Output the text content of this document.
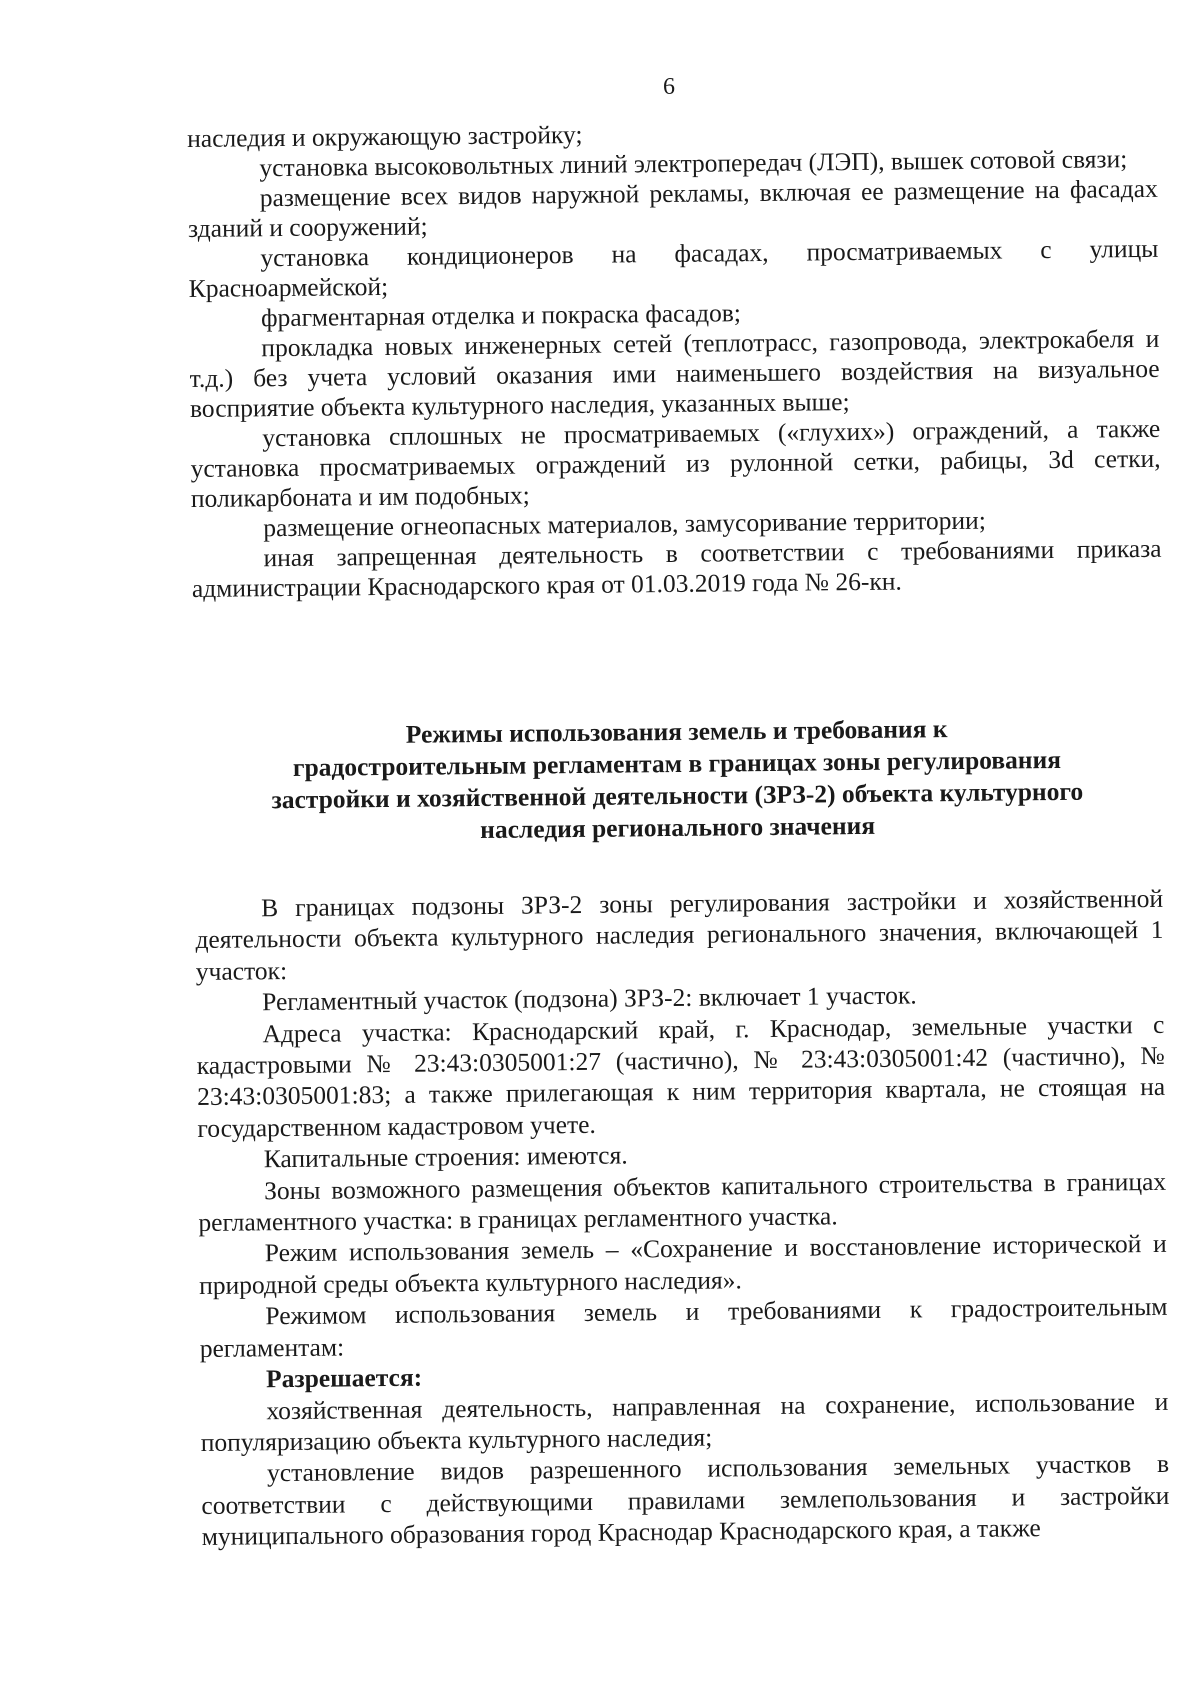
6

наследия и окружающую застройку;

установка высоковольтных линий электропередач (ЛЭП), вышек сотовой связи;

размещение всех видов наружной рекламы, включая ее размещение на фасадах зданий и сооружений;

установка кондиционеров на фасадах, просматриваемых с улицы Красноармейской;

фрагментарная отделка и покраска фасадов;

прокладка новых инженерных сетей (теплотрасс, газопровода, электрокабеля и т.д.) без учета условий оказания ими наименьшего воздействия на визуальное восприятие объекта культурного наследия, указанных выше;

установка сплошных не просматриваемых («глухих») ограждений, а также установка просматриваемых ограждений из рулонной сетки, рабицы, 3d сетки, поликарбоната и им подобных;

размещение огнеопасных материалов, замусоривание территории;

иная запрещенная деятельность в соответствии с требованиями приказа администрации Краснодарского края от 01.03.2019 года № 26-кн.

Режимы использования земель и требования к
градостроительным регламентам в границах зоны регулирования
застройки и хозяйственной деятельности (ЗРЗ-2) объекта культурного
наследия регионального значения

В границах подзоны ЗРЗ-2 зоны регулирования застройки и хозяйственной деятельности объекта культурного наследия регионального значения, включающей 1 участок:

Регламентный участок (подзона) ЗРЗ-2: включает 1 участок.

Адреса участка: Краснодарский край, г. Краснодар, земельные участки с кадастровыми № 23:43:0305001:27 (частично), № 23:43:0305001:42 (частично), № 23:43:0305001:83; а также прилегающая к ним территория квартала, не стоящая на государственном кадастровом учете.

Капитальные строения: имеются.

Зоны возможного размещения объектов капитального строительства в границах регламентного участка: в границах регламентного участка.

Режим использования земель – «Сохранение и восстановление исторической и природной среды объекта культурного наследия».

Режимом использования земель и требованиями к градостроительным регламентам:

Разрешается:

хозяйственная деятельность, направленная на сохранение, использование и популяризацию объекта культурного наследия;

установление видов разрешенного использования земельных участков в соответствии с действующими правилами землепользования и застройки муниципального образования город Краснодар Краснодарского края, а также
